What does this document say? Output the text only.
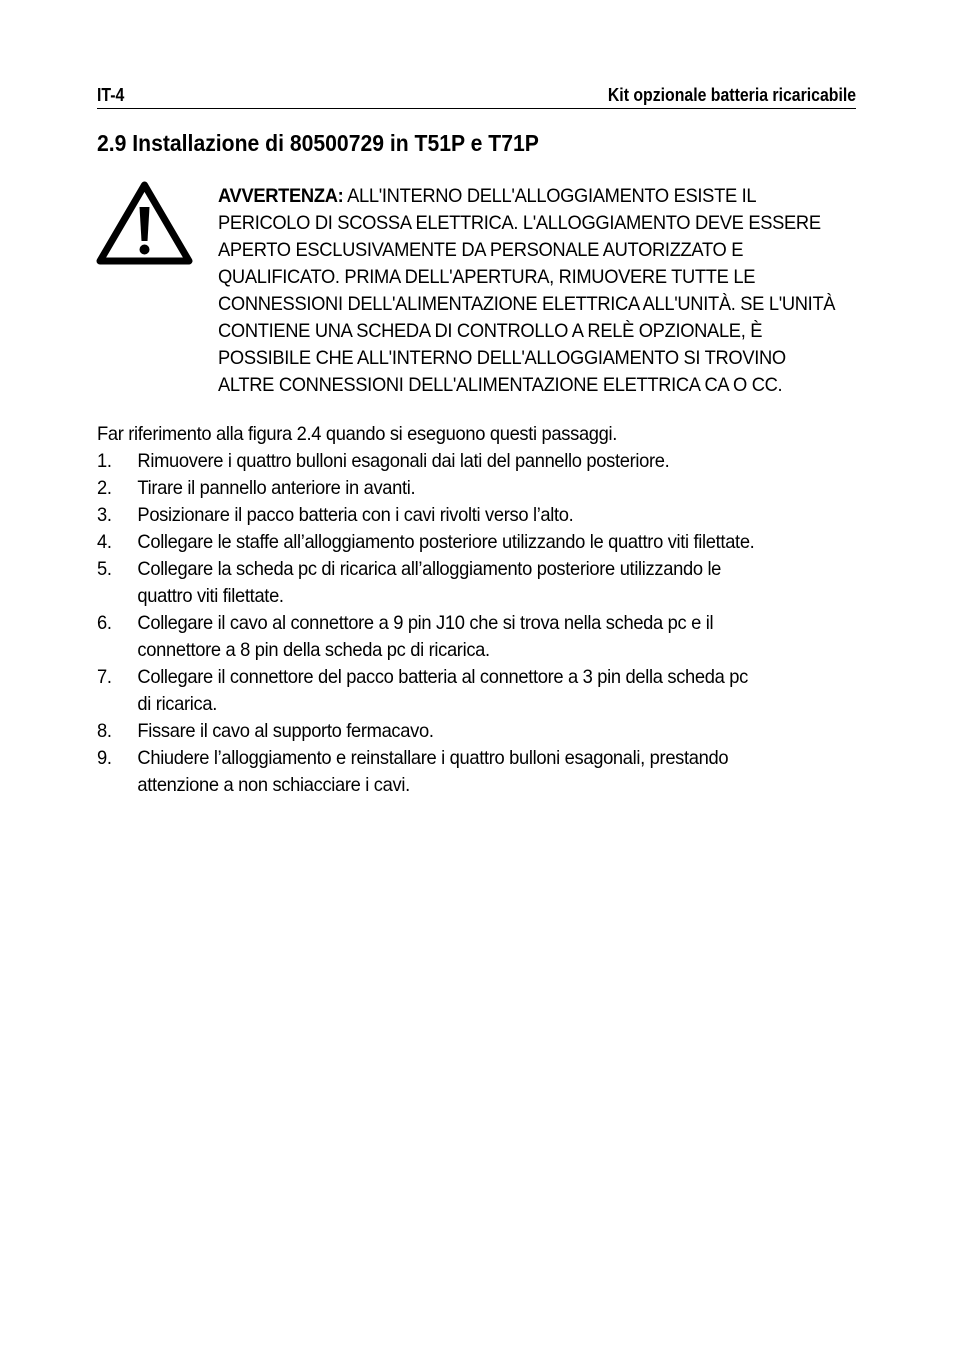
IT-4	Kit opzionale batteria ricaricabile
2.9 Installazione di 80500729 in T51P e T71P
AVVERTENZA: ALL'INTERNO DELL'ALLOGGIAMENTO ESISTE IL
PERICOLO DI SCOSSA ELETTRICA. L'ALLOGGIAMENTO DEVE ESSERE
APERTO ESCLUSIVAMENTE DA PERSONALE AUTORIZZATO E
QUALIFICATO. PRIMA DELL'APERTURA, RIMUOVERE TUTTE LE
CONNESSIONI DELL'ALIMENTAZIONE ELETTRICA ALL'UNITÀ. SE L'UNITÀ
CONTIENE UNA SCHEDA DI CONTROLLO A RELÈ OPZIONALE, È
POSSIBILE CHE ALL'INTERNO DELL'ALLOGGIAMENTO SI TROVINO
ALTRE CONNESSIONI DELL'ALIMENTAZIONE ELETTRICA CA O CC.
Far riferimento alla figura 2.4 quando si eseguono questi passaggi.
1. Rimuovere i quattro bulloni esagonali dai lati del pannello posteriore.
2. Tirare il pannello anteriore in avanti.
3. Posizionare il pacco batteria con i cavi rivolti verso l’alto.
4. Collegare le staffe all’alloggiamento posteriore utilizzando le quattro viti filettate.
5. Collegare la scheda pc di ricarica all’alloggiamento posteriore utilizzando le
quattro viti filettate.
6. Collegare il cavo al connettore a 9 pin J10 che si trova nella scheda pc e il
connettore a 8 pin della scheda pc di ricarica.
7. Collegare il connettore del pacco batteria al connettore a 3 pin della scheda pc
di ricarica.
8. Fissare il cavo al supporto fermacavo.
9. Chiudere l’alloggiamento e reinstallare i quattro bulloni esagonali, prestando
attenzione a non schiacciare i cavi.
